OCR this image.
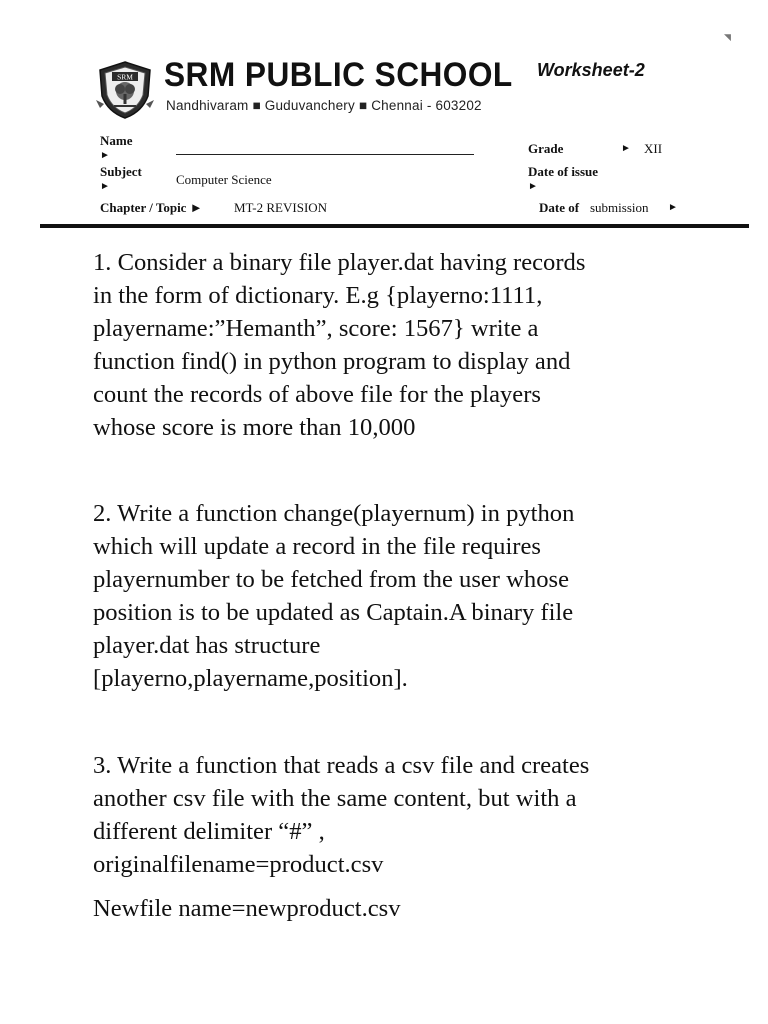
SRM SRM PUBLIC SCHOOL
Nandhivaram ■ Guduvanchery ■ Chennai - 603202
Worksheet-2
◥
Name
►
Subject
►	Computer Science
Chapter / Topic ► MT-2 REVISION
Grade	► XII
Date of issue
►
Date of submission ►

1. Consider a binary file player.dat having records
in the form of dictionary. E.g {playerno:1111,
playername:”Hemanth”, score: 1567} write a
function find() in python program to display and
count the records of above file for the players
whose score is more than 10,000

2. Write a function change(playernum) in python
which will update a record in the file requires
playernumber to be fetched from the user whose
position is to be updated as Captain.A binary file
player.dat has structure
[playerno,playername,position].

3. Write a function that reads a csv file and creates
another csv file with the same content, but with a
different delimiter “#” ,
originalfilename=product.csv

Newfile name=newproduct.csv
